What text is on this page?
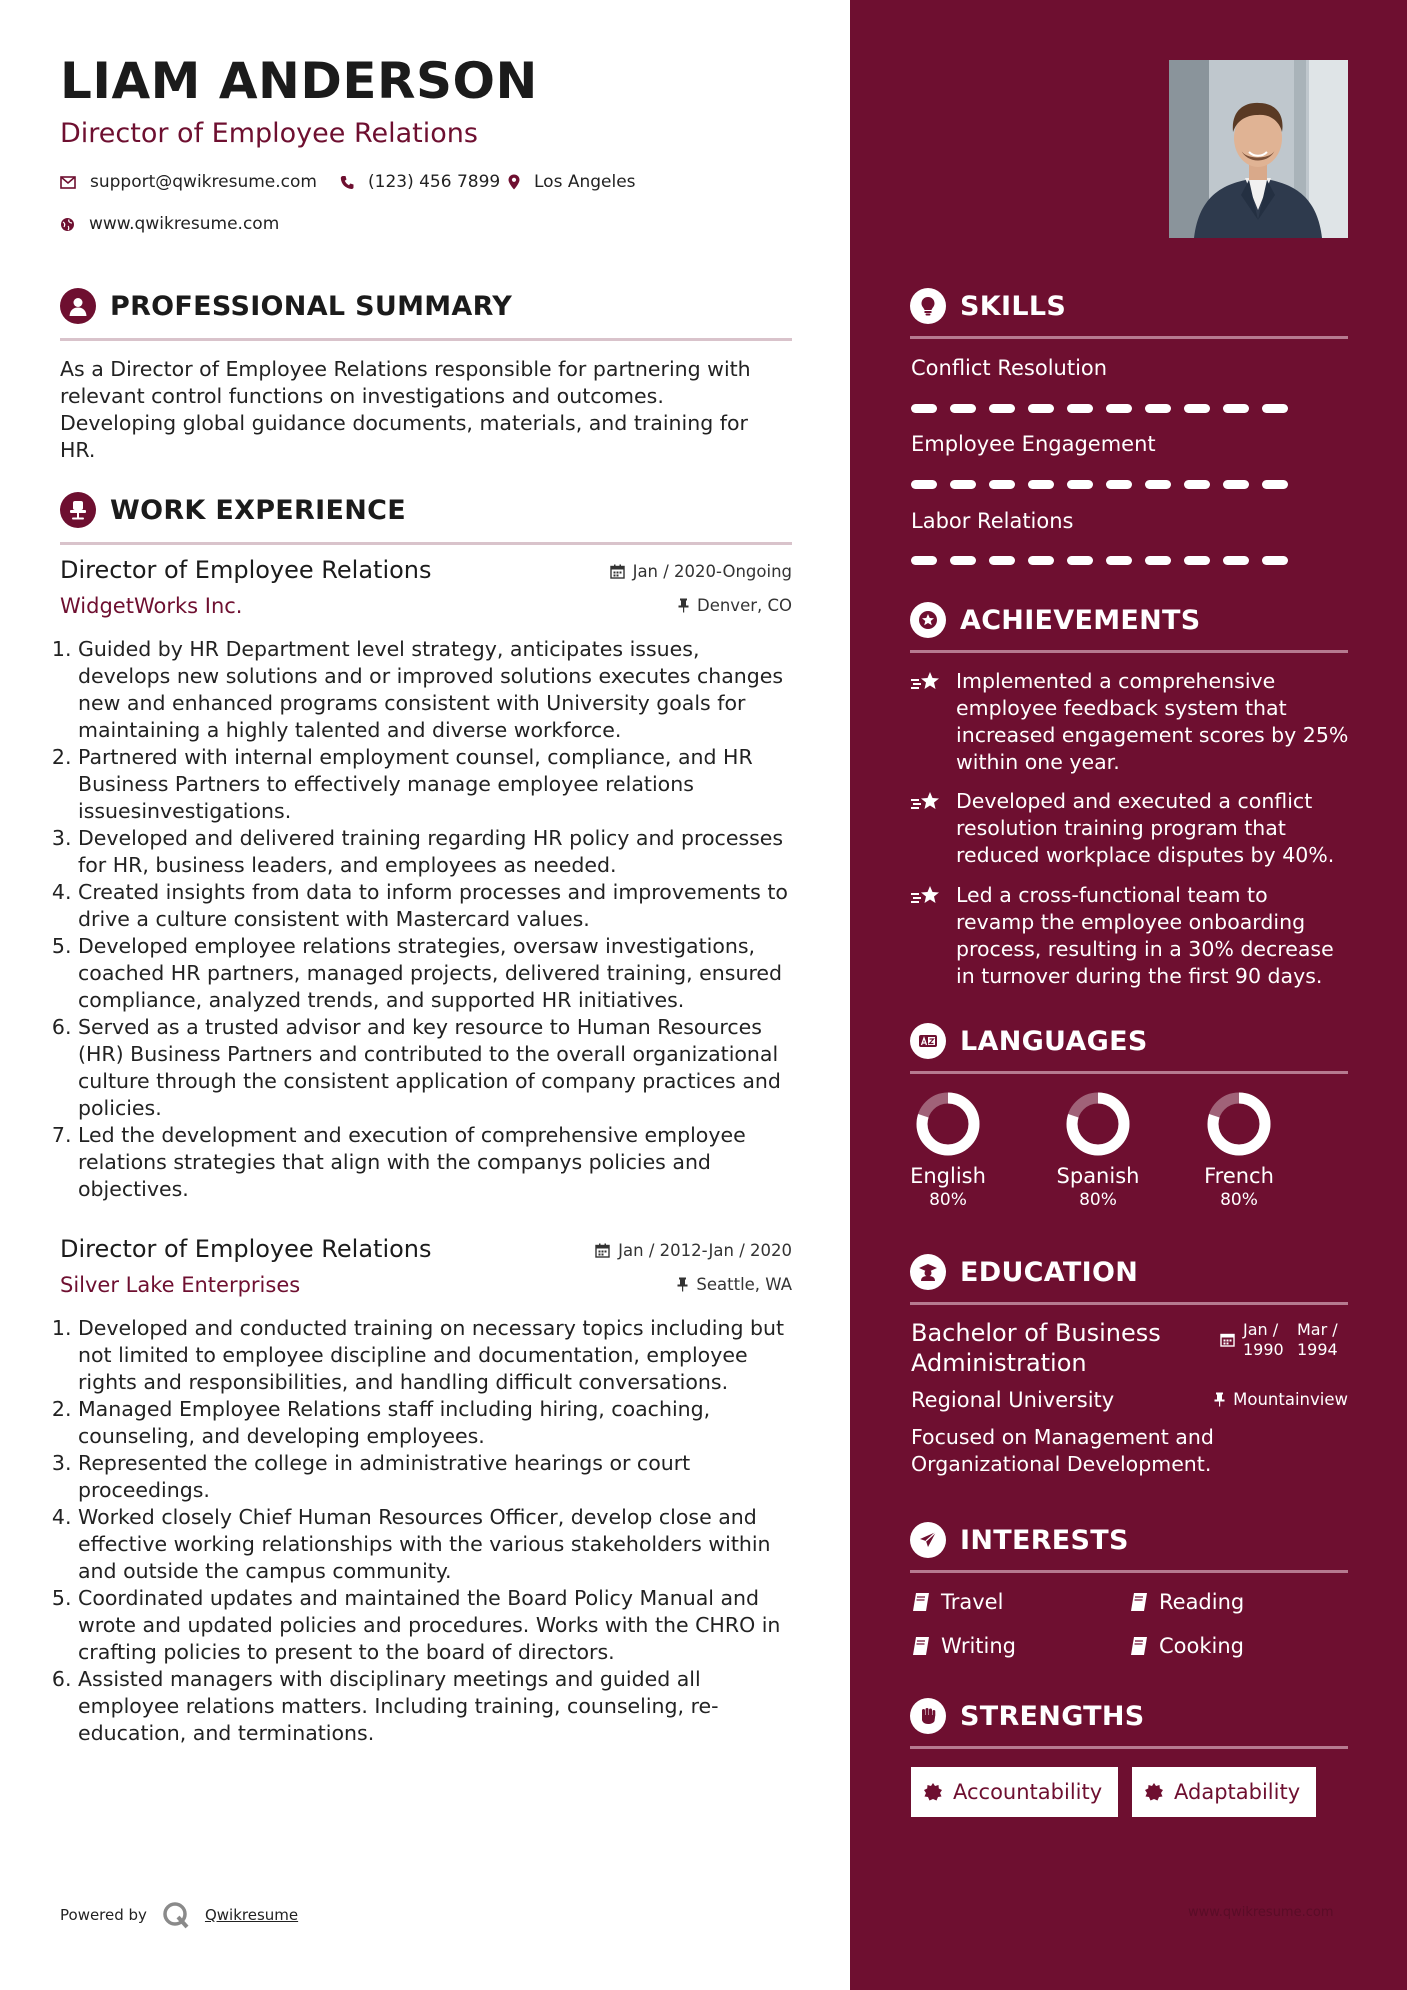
LIAM ANDERSON
Director of Employee Relations
support@qwikresume.com	(123) 456 7899 Los Angeles
www.qwikresume.com
PROFESSIONAL SUMMARY
As a Director of Employee Relations responsible for partnering with relevant control functions on investigations and outcomes. Developing global guidance documents, materials, and training for HR.
WORK EXPERIENCE
Director of Employee Relations
WidgetWorks Inc.
Jan / 2020-Ongoing
Denver, CO
1. Guided by HR Department level strategy, anticipates issues, develops new solutions and or improved solutions executes changes new and enhanced programs consistent with University goals for maintaining a highly talented and diverse workforce.
2. Partnered with internal employment counsel, compliance, and HR Business Partners to effectively manage employee relations issuesinvestigations.
3. Developed and delivered training regarding HR policy and processes for HR, business leaders, and employees as needed.
4. Created insights from data to inform processes and improvements to drive a culture consistent with Mastercard values.
5. Developed employee relations strategies, oversaw investigations, coached HR partners, managed projects, delivered training, ensured compliance, analyzed trends, and supported HR initiatives.
6. Served as a trusted advisor and key resource to Human Resources (HR) Business Partners and contributed to the overall organizational culture through the consistent application of company practices and policies.
7. Led the development and execution of comprehensive employee relations strategies that align with the companys policies and objectives.
Director of Employee Relations
Silver Lake Enterprises
Jan / 2012-Jan / 2020
Seattle, WA
1. Developed and conducted training on necessary topics including but not limited to employee discipline and documentation, employee rights and responsibilities, and handling difficult conversations.
2. Managed Employee Relations staff including hiring, coaching, counseling, and developing employees.
3. Represented the college in administrative hearings or court proceedings.
4. Worked closely Chief Human Resources Officer, develop close and effective working relationships with the various stakeholders within and outside the campus community.
5. Coordinated updates and maintained the Board Policy Manual and wrote and updated policies and procedures. Works with the CHRO in crafting policies to present to the board of directors.
6. Assisted managers with disciplinary meetings and guided all employee relations matters. Including training, counseling, re-education, and terminations.
SKILLS
Conflict Resolution
Employee Engagement
Labor Relations
ACHIEVEMENTS
Implemented a comprehensive employee feedback system that increased engagement scores by 25% within one year.
Developed and executed a conflict resolution training program that reduced workplace disputes by 40%.
Led a cross-functional team to revamp the employee onboarding process, resulting in a 30% decrease in turnover during the first 90 days.
LANGUAGES
English
80%
Spanish
80%
French
80%
EDUCATION
Bachelor of Business Administration
Jan / 1990
Mar / 1994
Regional University	Mountainview
Focused on Management and Organizational Development.
INTERESTS
Travel	Reading
Writing	Cooking
STRENGTHS
Accountability	Adaptability
Powered by	Qwikresume	www.qwikresume.com
